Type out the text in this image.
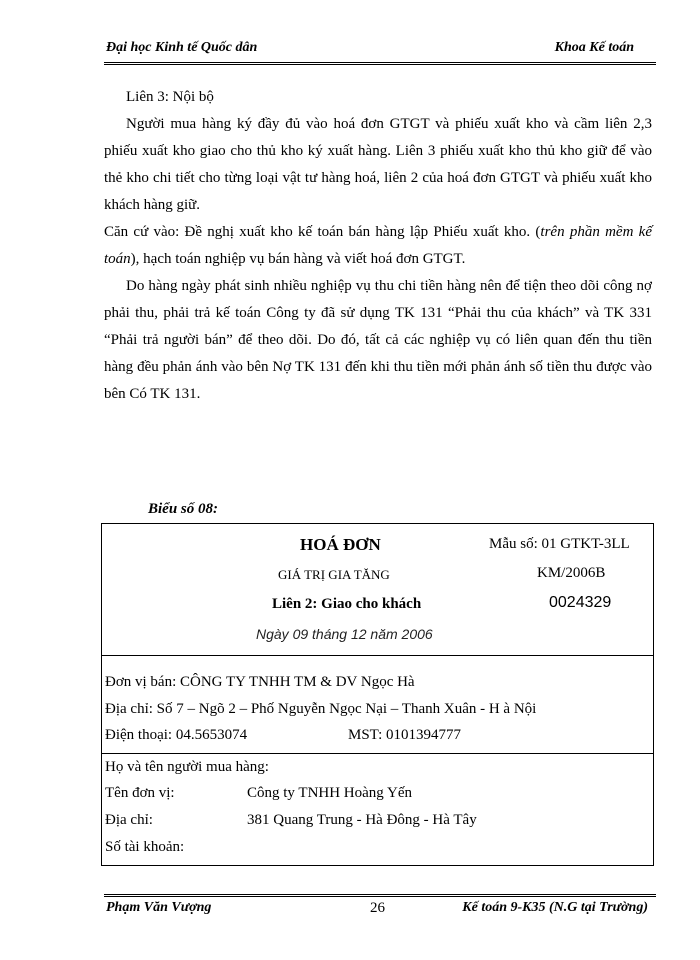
Đại học Kinh tế Quốc dân	Khoa Kế toán

Liên 3: Nội bộ

Người mua hàng ký đầy đủ vào hoá đơn GTGT và phiếu xuất kho và cầm liên 2,3 phiếu xuất kho giao cho thủ kho ký xuất hàng. Liên 3 phiếu xuất kho thủ kho giữ để vào thẻ kho chi tiết cho từng loại vật tư hàng hoá, liên 2 của hoá đơn GTGT và phiếu xuất kho khách hàng giữ.

Căn cứ vào: Đề nghị xuất kho kế toán bán hàng lập Phiếu xuất kho. (trên phần mềm kế toán), hạch toán nghiệp vụ bán hàng và viết hoá đơn GTGT.

Do hàng ngày phát sinh nhiều nghiệp vụ thu chi tiền hàng nên để tiện theo dõi công nợ phải thu, phải trả kế toán Công ty đã sử dụng TK 131 “Phải thu của khách” và TK 331 “Phải trả người bán” để theo dõi. Do đó, tất cả các nghiệp vụ có liên quan đến thu tiền hàng đều phản ánh vào bên Nợ TK 131 đến khi thu tiền mới phản ánh số tiền thu được vào bên Có TK 131.

Biểu số 08:
HOÁ ĐƠN	Mẫu số: 01 GTKT-3LL
GIÁ TRỊ GIA TĂNG	KM/2006B
Liên 2: Giao cho khách	0024329
Ngày 09 tháng 12 năm 2006
Đơn vị bán: CÔNG TY TNHH TM & DV Ngọc Hà
Địa chỉ: Số 7 – Ngõ 2 – Phố Nguyễn Ngọc Nại – Thanh Xuân - H à Nội
Điện thoại: 04.5653074	MST: 0101394777
Họ và tên người mua hàng:
Tên đơn vị:	Công ty TNHH Hoàng Yến
Địa chỉ:	381 Quang Trung - Hà Đông - Hà Tây
Số tài khoản:
Phạm Văn Vượng	26	Kế toán 9-K35 (N.G tại Trường)
